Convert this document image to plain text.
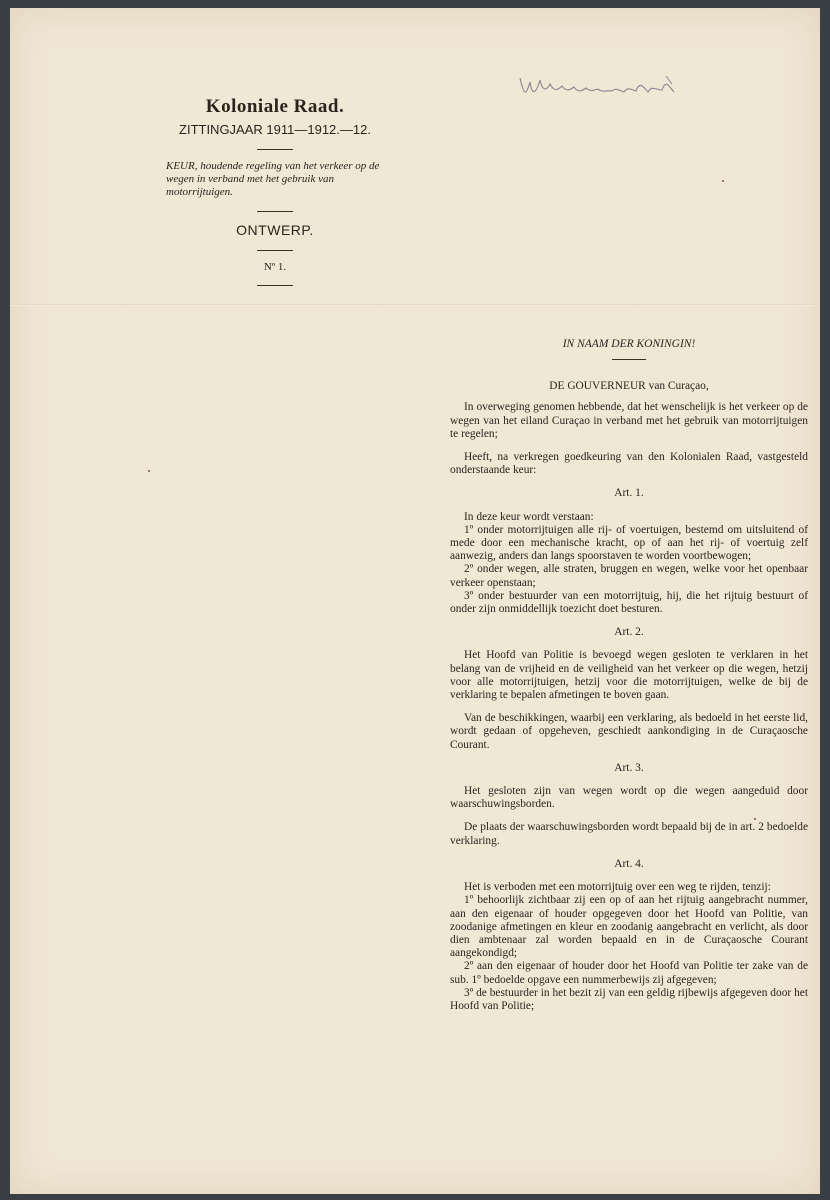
Koloniale Raad.
ZITTINGJAAR 1911—1912.—12.
KEUR, houdende regeling van het verkeer op de wegen in verband met het gebruik van motorrijtuigen.
ONTWERP.
Nº 1.
IN NAAM DER KONINGIN!
DE GOUVERNEUR van Curaçao,

In overweging genomen hebbende, dat het wenschelijk is het verkeer op de wegen van het eiland Curaçao in verband met het gebruik van motorrijtuigen te regelen;

Heeft, na verkregen goedkeuring van den Kolonialen Raad, vastgesteld onderstaande keur:

Art. 1.

In deze keur wordt verstaan:

1º onder motorrijtuigen alle rij- of voertuigen, bestemd om uitsluitend of mede door een mechanische kracht, op of aan het rij- of voertuig zelf aanwezig, anders dan langs spoorstaven te worden voortbewogen;

2º onder wegen, alle straten, bruggen en wegen, welke voor het openbaar verkeer openstaan;

3º onder bestuurder van een motorrijtuig, hij, die het rijtuig bestuurt of onder zijn onmiddellijk toezicht doet besturen.

Art. 2.

Het Hoofd van Politie is bevoegd wegen gesloten te verklaren in het belang van de vrijheid en de veiligheid van het verkeer op die wegen, hetzij voor alle motorrijtuigen, hetzij voor die motorrijtuigen, welke de bij de verklaring te bepalen afmetingen te boven gaan.

Van de beschikkingen, waarbij een verklaring, als bedoeld in het eerste lid, wordt gedaan of opgeheven, geschiedt aankondiging in de Curaçaosche Courant.

Art. 3.

Het gesloten zijn van wegen wordt op die wegen aangeduid door waarschuwingsborden.

De plaats der waarschuwingsborden wordt bepaald bij de in art. 2 bedoelde verklaring.

Art. 4.

Het is verboden met een motorrijtuig over een weg te rijden, tenzij:

1º behoorlijk zichtbaar zij een op of aan het rijtuig aangebracht nummer, aan den eigenaar of houder opgegeven door het Hoofd van Politie, van zoodanige afmetingen en kleur en zoodanig aangebracht en verlicht, als door dien ambtenaar zal worden bepaald en in de Curaçaosche Courant aangekondigd;

2º aan den eigenaar of houder door het Hoofd van Politie ter zake van de sub. 1º bedoelde opgave een nummerbewijs zij afgegeven;

3º de bestuurder in het bezit zij van een geldig rijbewijs afgegeven door het Hoofd van Politie;
